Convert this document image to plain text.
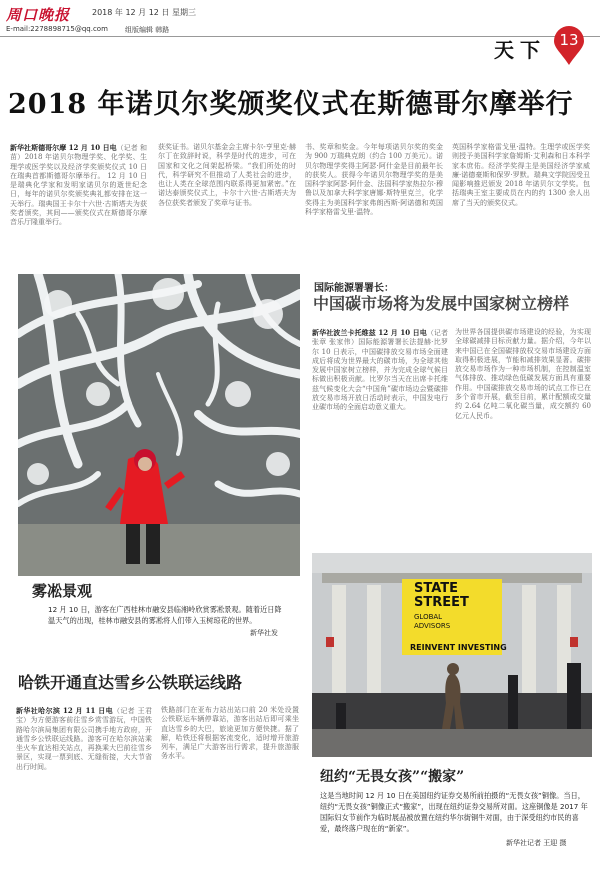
周口晚报	2018 年 12 月 12 日 星期三
E-mail:2278898715@qq.com 组版编辑 韩路
天下 13
2018 年诺贝尔奖颁奖仪式在斯德哥尔摩举行
新华社斯德哥尔摩 12 月 10 日电（记者 和苗）2018 年诺贝尔物理学奖、化学奖、生理学或医学奖以及经济学奖颁奖仪式 10 日在瑞典首都斯德哥尔摩举行。 12 月 10 日是瑞典化学家和发明家诺贝尔的逝世纪念日，每年的诺贝尔奖颁奖典礼都安排在这一天举行。瑞典国王卡尔十六世·古斯塔夫为获奖者颁奖，其间——颁奖仪式在斯德哥尔摩音乐厅隆重举行。
获奖证书。诺贝尔基金会主席卡尔-亨里克·赫尔丁在致辞时说，科学是时代的进步，可在国家和文化之间架起桥梁。“我们所处的时代，科学研究不但推动了人类社会的进步，也让人类在全球范围内联系得更加紧密。”在诺达泰颁奖仪式上，卡尔十六世·古斯塔夫为各位获奖者颁发了奖章与证书。
书、奖章和奖金。今年每项诺贝尔奖的奖金为 900 万瑞典克朗（约合 100 万美元）。诺贝尔物理学奖得主阿瑟·阿什金是目前最年长的获奖人。获得今年诺贝尔物理学奖的是美国科学家阿瑟·阿什金、法国科学家热拉尔·穆鲁以及加拿大科学家唐娜·斯特里克兰，化学奖得主为美国科学家弗朗西斯·阿诺德和英国科学家格雷戈里·温特。
英国科学家格雷戈里·温特。生理学或医学奖则授予美国科学家詹姆斯·艾利森和日本科学家本庶佑。经济学奖得主是美国经济学家威廉·诺德豪斯和保罗·罗默。瑞典文学院因受丑闻影响推迟颁发 2018 年诺贝尔文学奖。包括瑞典王室主要成员在内的约 1300 余人出席了当天的颁奖仪式。
雾凇景观
12 月 10 日，游客在广西桂林市融安县临湘岭欣赏雾凇景观。随着近日降温天气的出现，桂林市融安县的雾凇将人们带入玉树琼花的世界。
新华社发
国际能源署署长：
中国碳市场将为发展中国家树立榜样
新华社波兰卡托维兹 12 月 10 日电（记者 张章 张家伟）国际能源署署长法提赫·比罗尔 10 日表示，中国碳排放交易市场全面建成后将成为世界最大的碳市场，为全球其他发展中国家树立榜样，并为完成全球气候目标做出积极贡献。比罗尔当天在出席卡托维兹气候变化大会“中国角”碳市场边会暨碳排放交易市场开放日活动时表示，中国发电行业碳市场的全面启动意义重大。
为世界各国提供碳市场建设的经验，为实现全球碳减排目标贡献力量。据介绍，今年以来中国已在全国碳排放权交易市场建设方面取得积极进展，节能和减排效果显著。碳排放交易市场作为一种市场机制，在控制温室气体排放、推动绿色低碳发展方面具有重要作用。中国碳排放交易市场的试点工作已在多个省市开展，截至目前，累计配额成交量约 2.64 亿吨二氧化碳当量，成交额约 60 亿元人民币。
STATE
STREET
GLOBAL
ADVISORS
REINVENT INVESTING
纽约“无畏女孩”“搬家”
这是当地时间 12 月 10 日在美国纽约证券交易所前拍摄的“无畏女孩”铜像。当日，纽约“无畏女孩”铜像正式“搬家”，出现在纽约证券交易所对面。这座铜像是 2017 年国际妇女节前作为临时展品被放置在纽约华尔街铜牛对面，由于深受纽约市民的喜爱，最终落户现在的“新家”。
新华社记者 王迎 摄
哈铁开通直达雪乡公铁联运线路
新华社哈尔滨 12 月 11 日电（记者 王君宝）为方便游客前往雪乡赏雪游玩，中国铁路哈尔滨局集团有限公司携手地方政府，开通雪乡公铁联运线路。游客可在哈尔滨站乘坐火车直达相关站点，再换乘大巴前往雪乡景区，实现一票到底、无缝衔接，大大节省出行时间。
铁路部门在亚布力站出站口前 20 米处设置公铁联运车辆停靠站，游客出站后即可乘坐直达雪乡的大巴，旅途更加方便快捷。据了解，哈铁还将根据客流变化，适时增开旅游列车，满足广大游客出行需求，提升旅游服务水平。
